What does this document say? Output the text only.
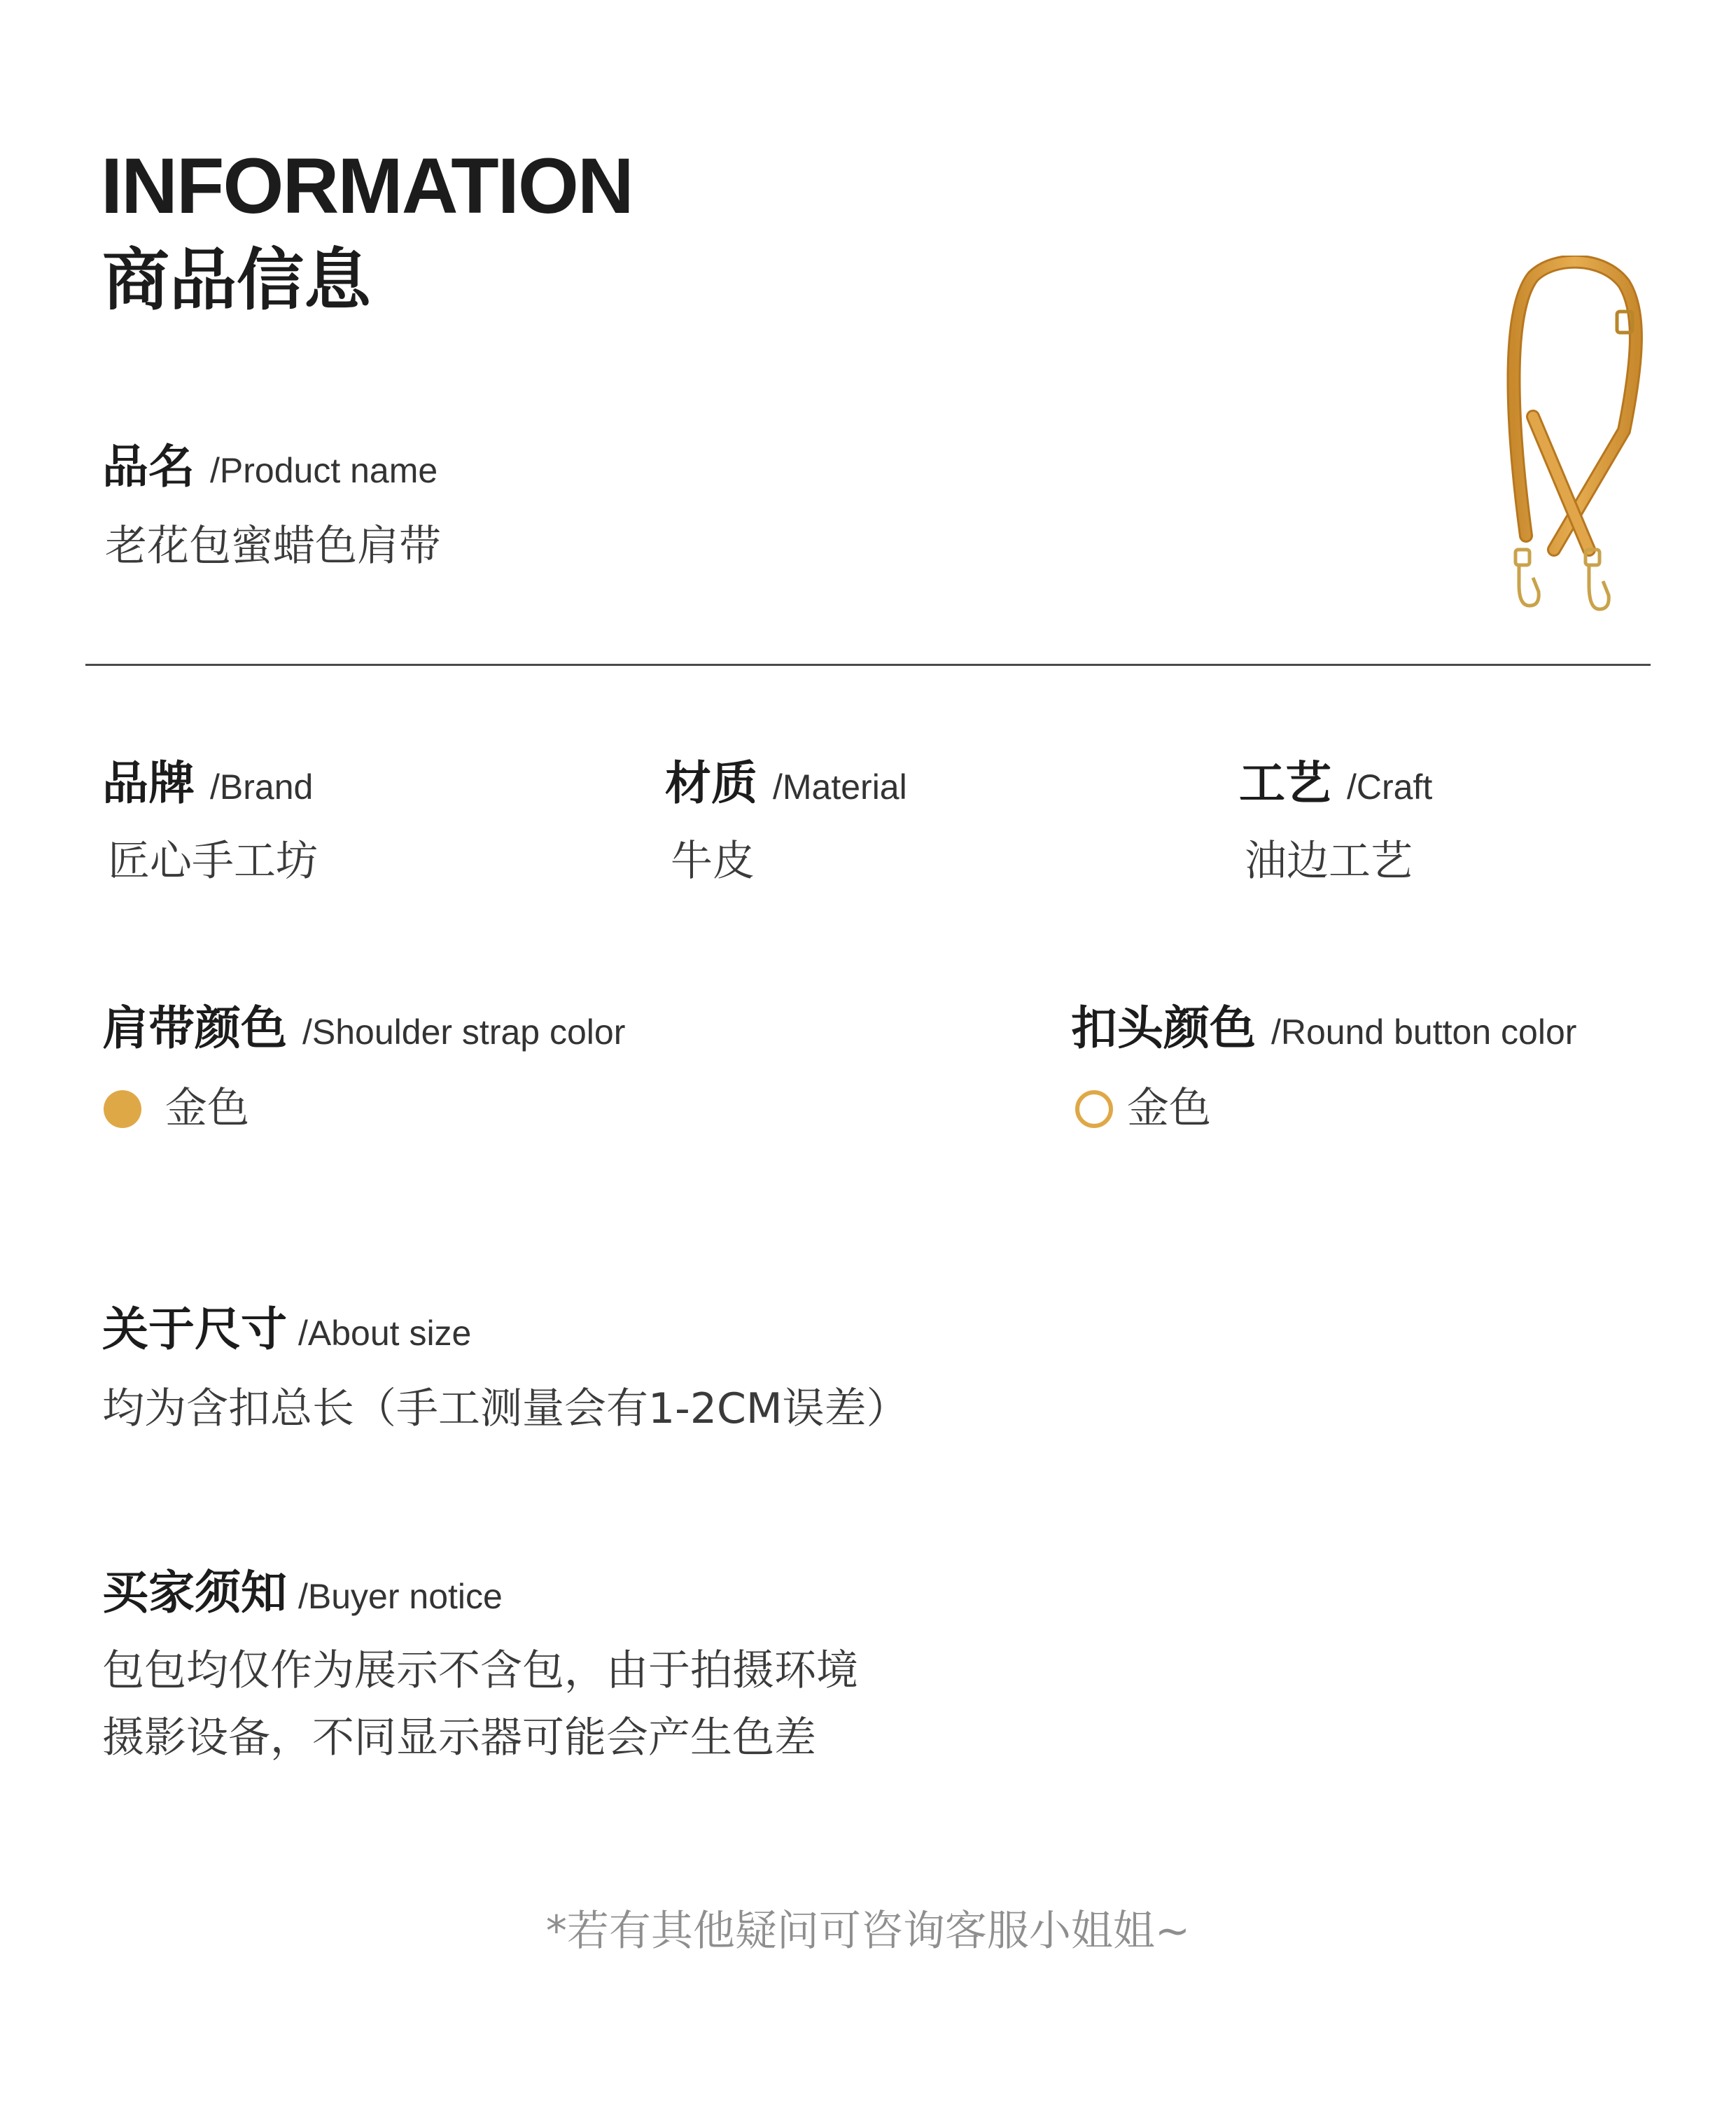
INFORMATION
商品信息
品名 /Product name
老花包蜜蜡色肩带
品牌 /Brand
匠心手工坊
材质 /Material
牛皮
工艺 /Craft
油边工艺
肩带颜色 /Shoulder strap color
金色
扣头颜色 /Round button color
金色
关于尺寸 /About size
均为含扣总长（手工测量会有1-2CM误差）
买家须知 /Buyer notice
包包均仅作为展示不含包，由于拍摄环境
摄影设备，不同显示器可能会产生色差
*若有其他疑问可咨询客服小姐姐~
